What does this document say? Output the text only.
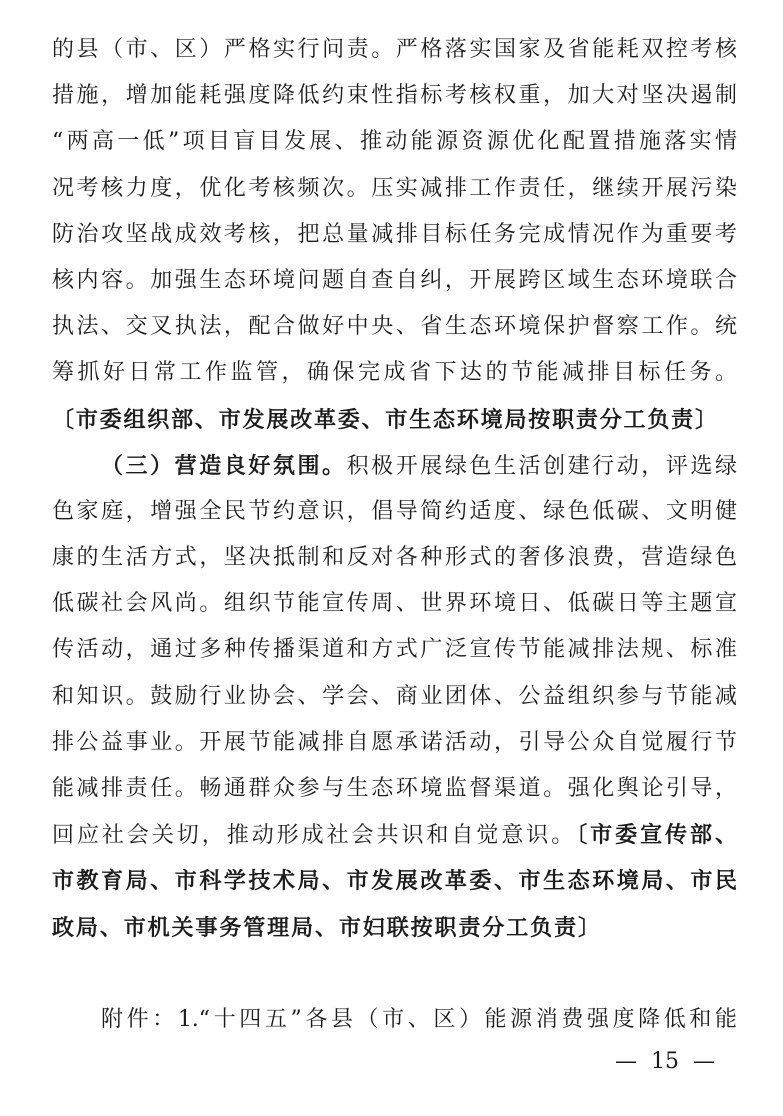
的县（市、区）严格实行问责。严格落实国家及省能耗双控考核
措施，增加能耗强度降低约束性指标考核权重，加大对坚决遏制
“两高一低”项目盲目发展、推动能源资源优化配置措施落实情
况考核力度，优化考核频次。压实减排工作责任，继续开展污染
防治攻坚战成效考核，把总量减排目标任务完成情况作为重要考
核内容。加强生态环境问题自查自纠，开展跨区域生态环境联合
执法、交叉执法，配合做好中央、省生态环境保护督察工作。统
筹抓好日常工作监管，确保完成省下达的节能减排目标任务。
〔市委组织部、市发展改革委、市生态环境局按职责分工负责〕
（三）营造良好氛围。积极开展绿色生活创建行动，评选绿
色家庭，增强全民节约意识，倡导简约适度、绿色低碳、文明健
康的生活方式，坚决抵制和反对各种形式的奢侈浪费，营造绿色
低碳社会风尚。组织节能宣传周、世界环境日、低碳日等主题宣
传活动，通过多种传播渠道和方式广泛宣传节能减排法规、标准
和知识。鼓励行业协会、学会、商业团体、公益组织参与节能减
排公益事业。开展节能减排自愿承诺活动，引导公众自觉履行节
能减排责任。畅通群众参与生态环境监督渠道。强化舆论引导，
回应社会关切，推动形成社会共识和自觉意识。〔市委宣传部、
市教育局、市科学技术局、市发展改革委、市生态环境局、市民
政局、市机关事务管理局、市妇联按职责分工负责〕
附件：1.“十四五”各县（市、区）能源消费强度降低和能
— 15 —
